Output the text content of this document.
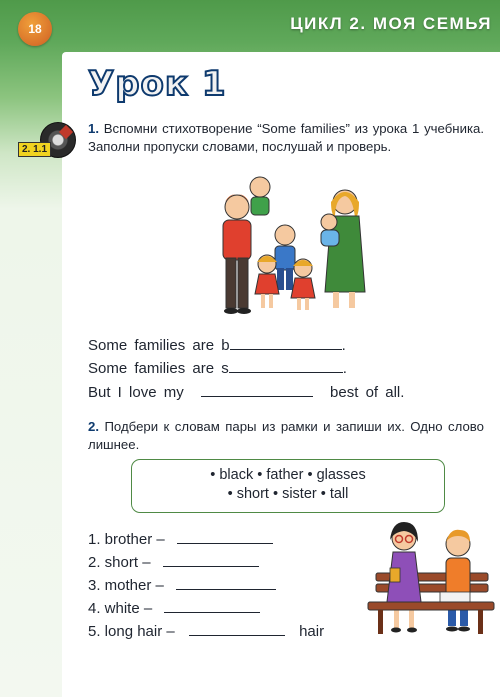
18	ЦИКЛ 2. МОЯ СЕМЬЯ
Урок 1
2. 1.1
1. Вспомни стихотворение “Some families” из урока 1 учебника. Заполни пропуски словами, послушай и проверь.
Some families are b	.
Some families are s	.
But I love my	best of all.
2. Подбери к словам пары из рамки и запиши их. Одно слово лишнее.
• black • father • glasses
• short • sister • tall
1. brother –
2. short –
3. mother –
4. white –
5. long hair –	hair
